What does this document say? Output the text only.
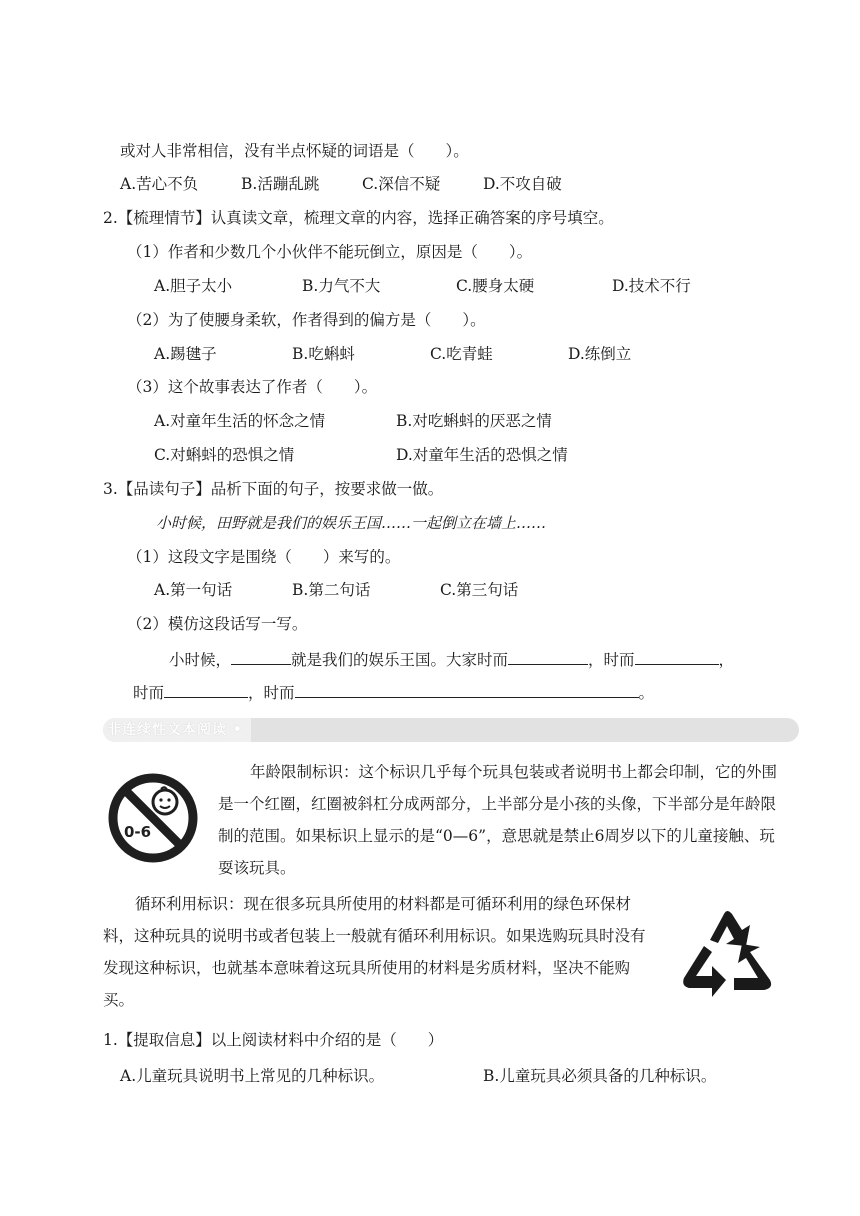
或对人非常相信，没有半点怀疑的词语是（　　）。
A.苦心不负	B.活蹦乱跳	C.深信不疑	D.不攻自破
2.【梳理情节】认真读文章，梳理文章的内容，选择正确答案的序号填空。
（1）作者和少数几个小伙伴不能玩倒立，原因是（　　）。
A.胆子太小	B.力气不大	C.腰身太硬	D.技术不行
（2）为了使腰身柔软，作者得到的偏方是（　　）。
A.踢毽子	B.吃蝌蚪	C.吃青蛙	D.练倒立
（3）这个故事表达了作者（　　）。
A.对童年生活的怀念之情	B.对吃蝌蚪的厌恶之情
C.对蝌蚪的恐惧之情	D.对童年生活的恐惧之情
3.【品读句子】品析下面的句子，按要求做一做。
小时候，田野就是我们的娱乐王国……一起倒立在墙上……
（1）这段文字是围绕（　　）来写的。
A.第一句话	B.第二句话	C.第三句话
（2）模仿这段话写一写。
小时候，	就是我们的娱乐王国。大家时而	，时而	，
时而	，时而	。
非连续性文本阅读 •
0-6
年龄限制标识：这个标识几乎每个玩具包装或者说明书上都会印制，它的外围是一个红圈，红圈被斜杠分成两部分，上半部分是小孩的头像，下半部分是年龄限制的范围。如果标识上显示的是“0—6”，意思就是禁止6周岁以下的儿童接触、玩耍该玩具。
循环利用标识：现在很多玩具所使用的材料都是可循环利用的绿色环保材料，这种玩具的说明书或者包装上一般就有循环利用标识。如果选购玩具时没有发现这种标识，也就基本意味着这玩具所使用的材料是劣质材料，坚决不能购买。
1.【提取信息】以上阅读材料中介绍的是（　　）
A.儿童玩具说明书上常见的几种标识。	B.儿童玩具必须具备的几种标识。
